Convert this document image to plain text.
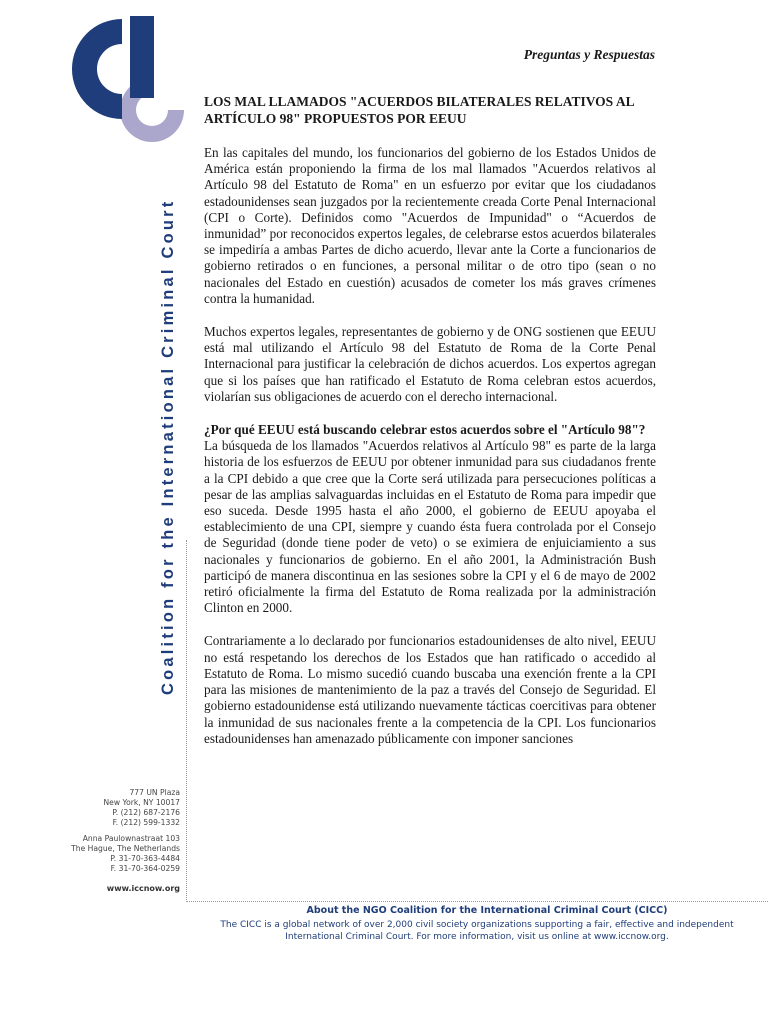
Coalition for the International Criminal Court
777 UN Plaza
New York, NY 10017
P. (212) 687-2176
F. (212) 599-1332
Anna Paulownastraat 103
The Hague, The Netherlands
P. 31-70-363-4484
F. 31-70-364-0259
www.iccnow.org
Preguntas y Respuestas
LOS MAL LLAMADOS "ACUERDOS BILATERALES RELATIVOS AL ARTÍCULO 98" PROPUESTOS POR EEUU

En las capitales del mundo, los funcionarios del gobierno de los Estados Unidos de América están proponiendo la firma de los mal llamados "Acuerdos relativos al Artículo 98 del Estatuto de Roma" en un esfuerzo por evitar que los ciudadanos estadounidenses sean juzgados por la recientemente creada Corte Penal Internacional (CPI o Corte). Definidos como "Acuerdos de Impunidad" o “Acuerdos de inmunidad” por reconocidos expertos legales, de celebrarse estos acuerdos bilaterales se impediría a ambas Partes de dicho acuerdo, llevar ante la Corte a funcionarios de gobierno retirados o en funciones, a personal militar o de otro tipo (sean o no nacionales del Estado en cuestión) acusados de cometer los más graves crímenes contra la humanidad.

Muchos expertos legales, representantes de gobierno y de ONG sostienen que EEUU está mal utilizando el Artículo 98 del Estatuto de Roma de la Corte Penal Internacional para justificar la celebración de dichos acuerdos. Los expertos agregan que si los países que han ratificado el Estatuto de Roma celebran estos acuerdos, violarían sus obligaciones de acuerdo con el derecho internacional.

¿Por qué EEUU está buscando celebrar estos acuerdos sobre el "Artículo 98"?

La búsqueda de los llamados "Acuerdos relativos al Artículo 98" es parte de la larga historia de los esfuerzos de EEUU por obtener inmunidad para sus ciudadanos frente a la CPI debido a que cree que la Corte será utilizada para persecuciones políticas a pesar de las amplias salvaguardas incluidas en el Estatuto de Roma para impedir que eso suceda. Desde 1995 hasta el año 2000, el gobierno de EEUU apoyaba el establecimiento de una CPI, siempre y cuando ésta fuera controlada por el Consejo de Seguridad (donde tiene poder de veto) o se eximiera de enjuiciamiento a sus nacionales y funcionarios de gobierno. En el año 2001, la Administración Bush participó de manera discontinua en las sesiones sobre la CPI y el 6 de mayo de 2002 retiró oficialmente la firma del Estatuto de Roma realizada por la administración Clinton en 2000.

Contrariamente a lo declarado por funcionarios estadounidenses de alto nivel, EEUU no está respetando los derechos de los Estados que han ratificado o accedido al Estatuto de Roma. Lo mismo sucedió cuando buscaba una exención frente a la CPI para las misiones de mantenimiento de la paz a través del Consejo de Seguridad. El gobierno estadounidense está utilizando nuevamente tácticas coercitivas para obtener la inmunidad de sus nacionales frente a la competencia de la CPI. Los funcionarios estadounidenses han amenazado públicamente con imponer sanciones

About the NGO Coalition for the International Criminal Court (CICC)
The CICC is a global network of over 2,000 civil society organizations supporting a fair, effective and independent
International Criminal Court. For more information, visit us online at www.iccnow.org.
